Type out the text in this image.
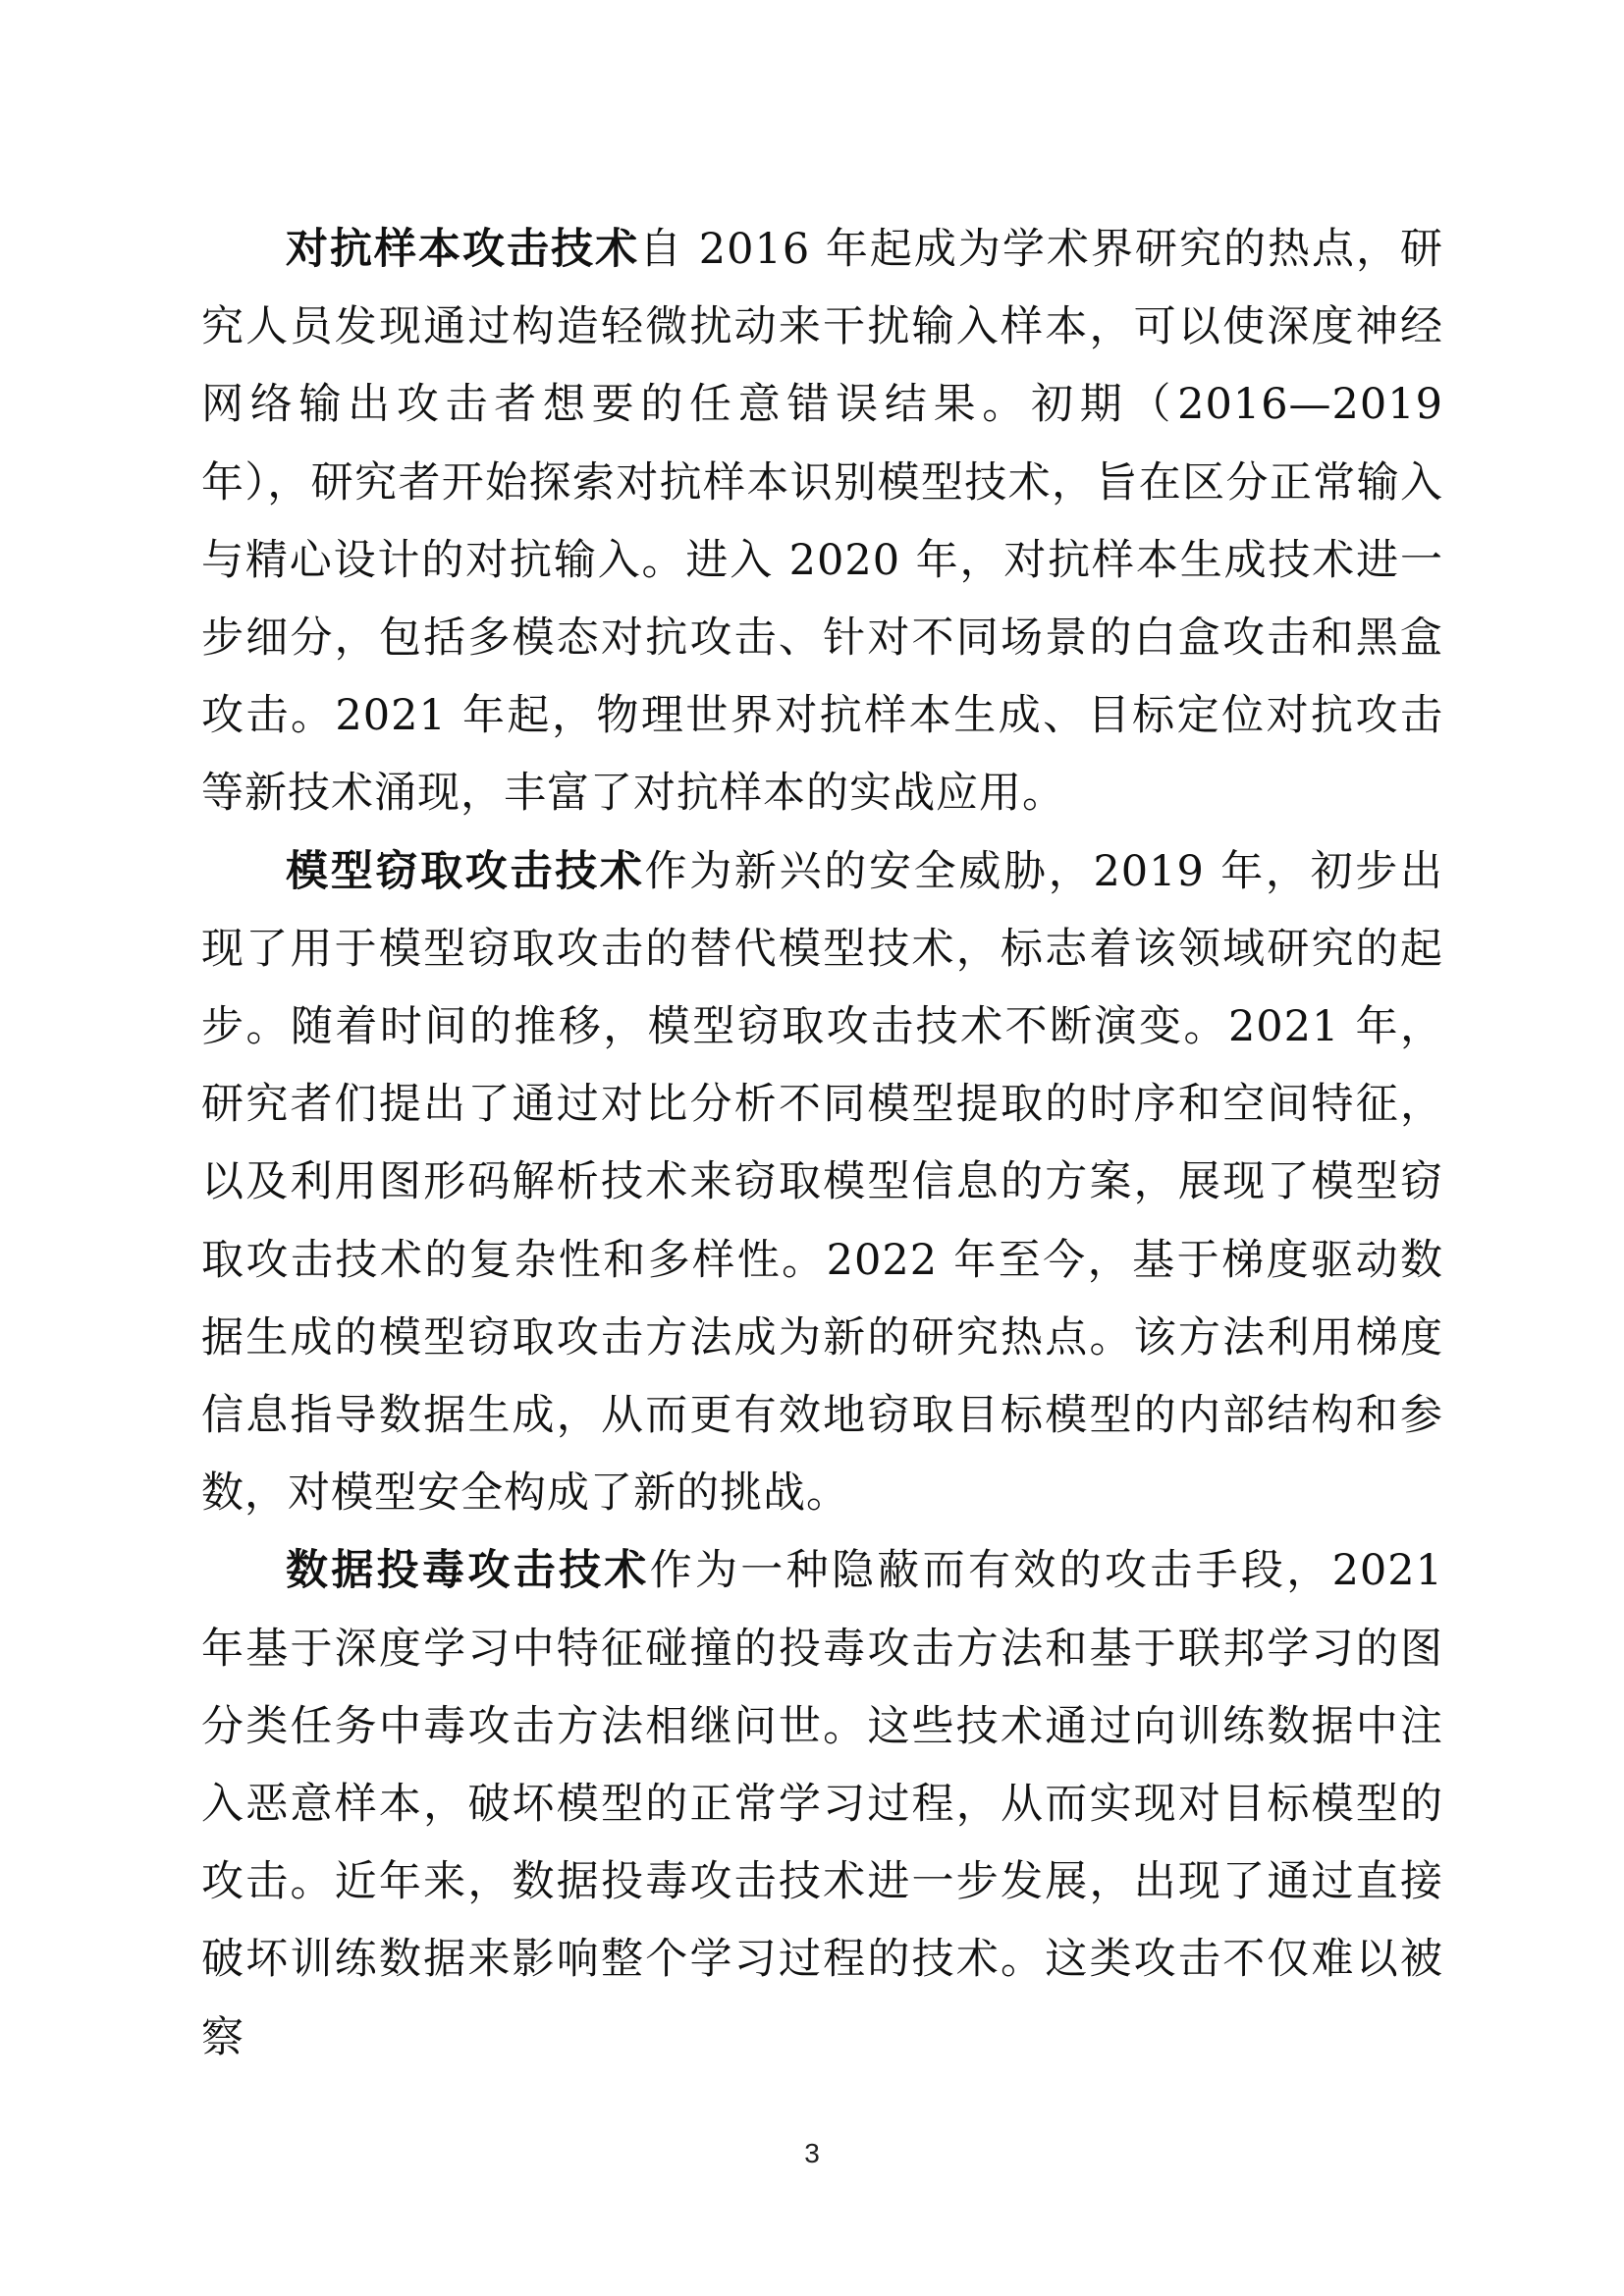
对抗样本攻击技术自 2016 年起成为学术界研究的热点，研究人员发现通过构造轻微扰动来干扰输入样本，可以使深度神经网络输出攻击者想要的任意错误结果。初期（2016—2019 年），研究者开始探索对抗样本识别模型技术，旨在区分正常输入与精心设计的对抗输入。进入 2020 年，对抗样本生成技术进一步细分，包括多模态对抗攻击、针对不同场景的白盒攻击和黑盒攻击。2021 年起，物理世界对抗样本生成、目标定位对抗攻击等新技术涌现，丰富了对抗样本的实战应用。

模型窃取攻击技术作为新兴的安全威胁，2019 年，初步出现了用于模型窃取攻击的替代模型技术，标志着该领域研究的起步。随着时间的推移，模型窃取攻击技术不断演变。2021 年，研究者们提出了通过对比分析不同模型提取的时序和空间特征，以及利用图形码解析技术来窃取模型信息的方案，展现了模型窃取攻击技术的复杂性和多样性。2022 年至今，基于梯度驱动数据生成的模型窃取攻击方法成为新的研究热点。该方法利用梯度信息指导数据生成，从而更有效地窃取目标模型的内部结构和参数，对模型安全构成了新的挑战。

数据投毒攻击技术作为一种隐蔽而有效的攻击手段，2021 年基于深度学习中特征碰撞的投毒攻击方法和基于联邦学习的图分类任务中毒攻击方法相继问世。这些技术通过向训练数据中注入恶意样本，破坏模型的正常学习过程，从而实现对目标模型的攻击。近年来，数据投毒攻击技术进一步发展，出现了通过直接破坏训练数据来影响整个学习过程的技术。这类攻击不仅难以被察

3
